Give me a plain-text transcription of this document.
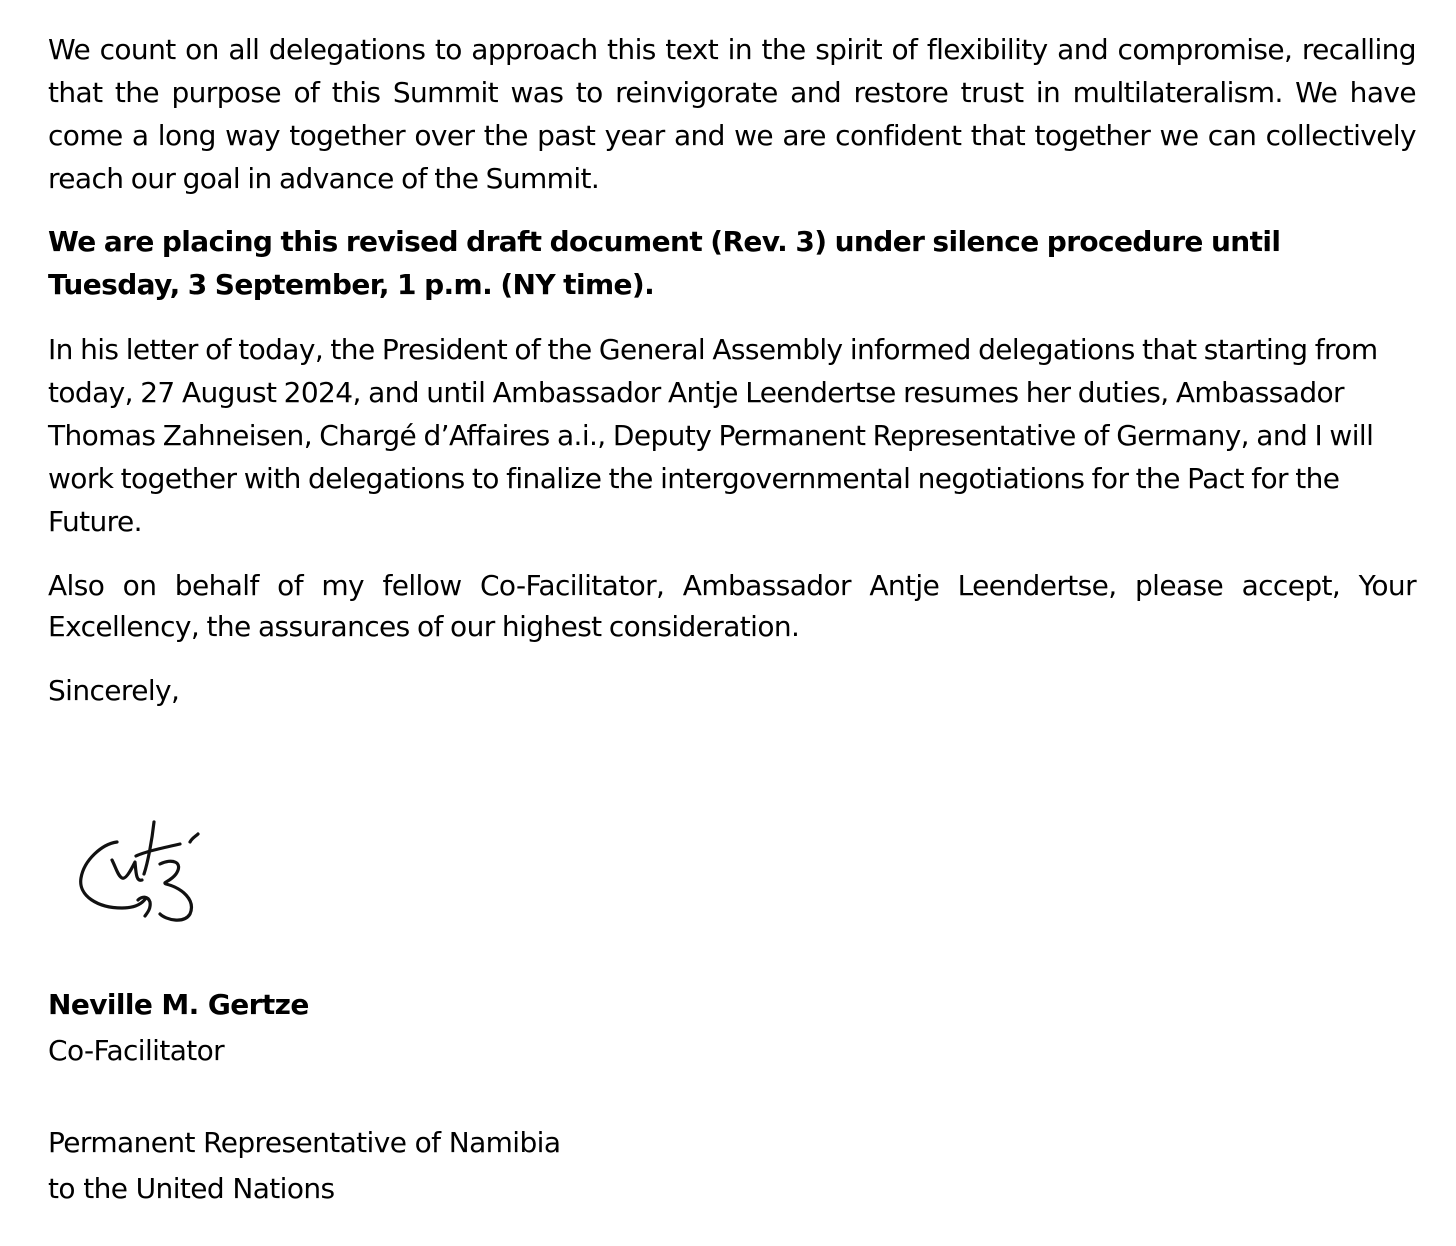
We count on all delegations to approach this text in the spirit of flexibility and compromise, recalling that the purpose of this Summit was to reinvigorate and restore trust in multilateralism. We have come a long way together over the past year and we are confident that together we can collectively reach our goal in advance of the Summit.

We are placing this revised draft document (Rev. 3) under silence procedure until Tuesday, 3 September, 1 p.m. (NY time).

In his letter of today, the President of the General Assembly informed delegations that starting from today, 27 August 2024, and until Ambassador Antje Leendertse resumes her duties, Ambassador Thomas Zahneisen, Chargé d’Affaires a.i., Deputy Permanent Representative of Germany, and I will work together with delegations to finalize the intergovernmental negotiations for the Pact for the Future.

Also on behalf of my fellow Co-Facilitator, Ambassador Antje Leendertse, please accept, Your Excellency, the assurances of our highest consideration.

Sincerely,

Neville M. Gertze
Co-Facilitator
Permanent Representative of Namibia
to the United Nations
